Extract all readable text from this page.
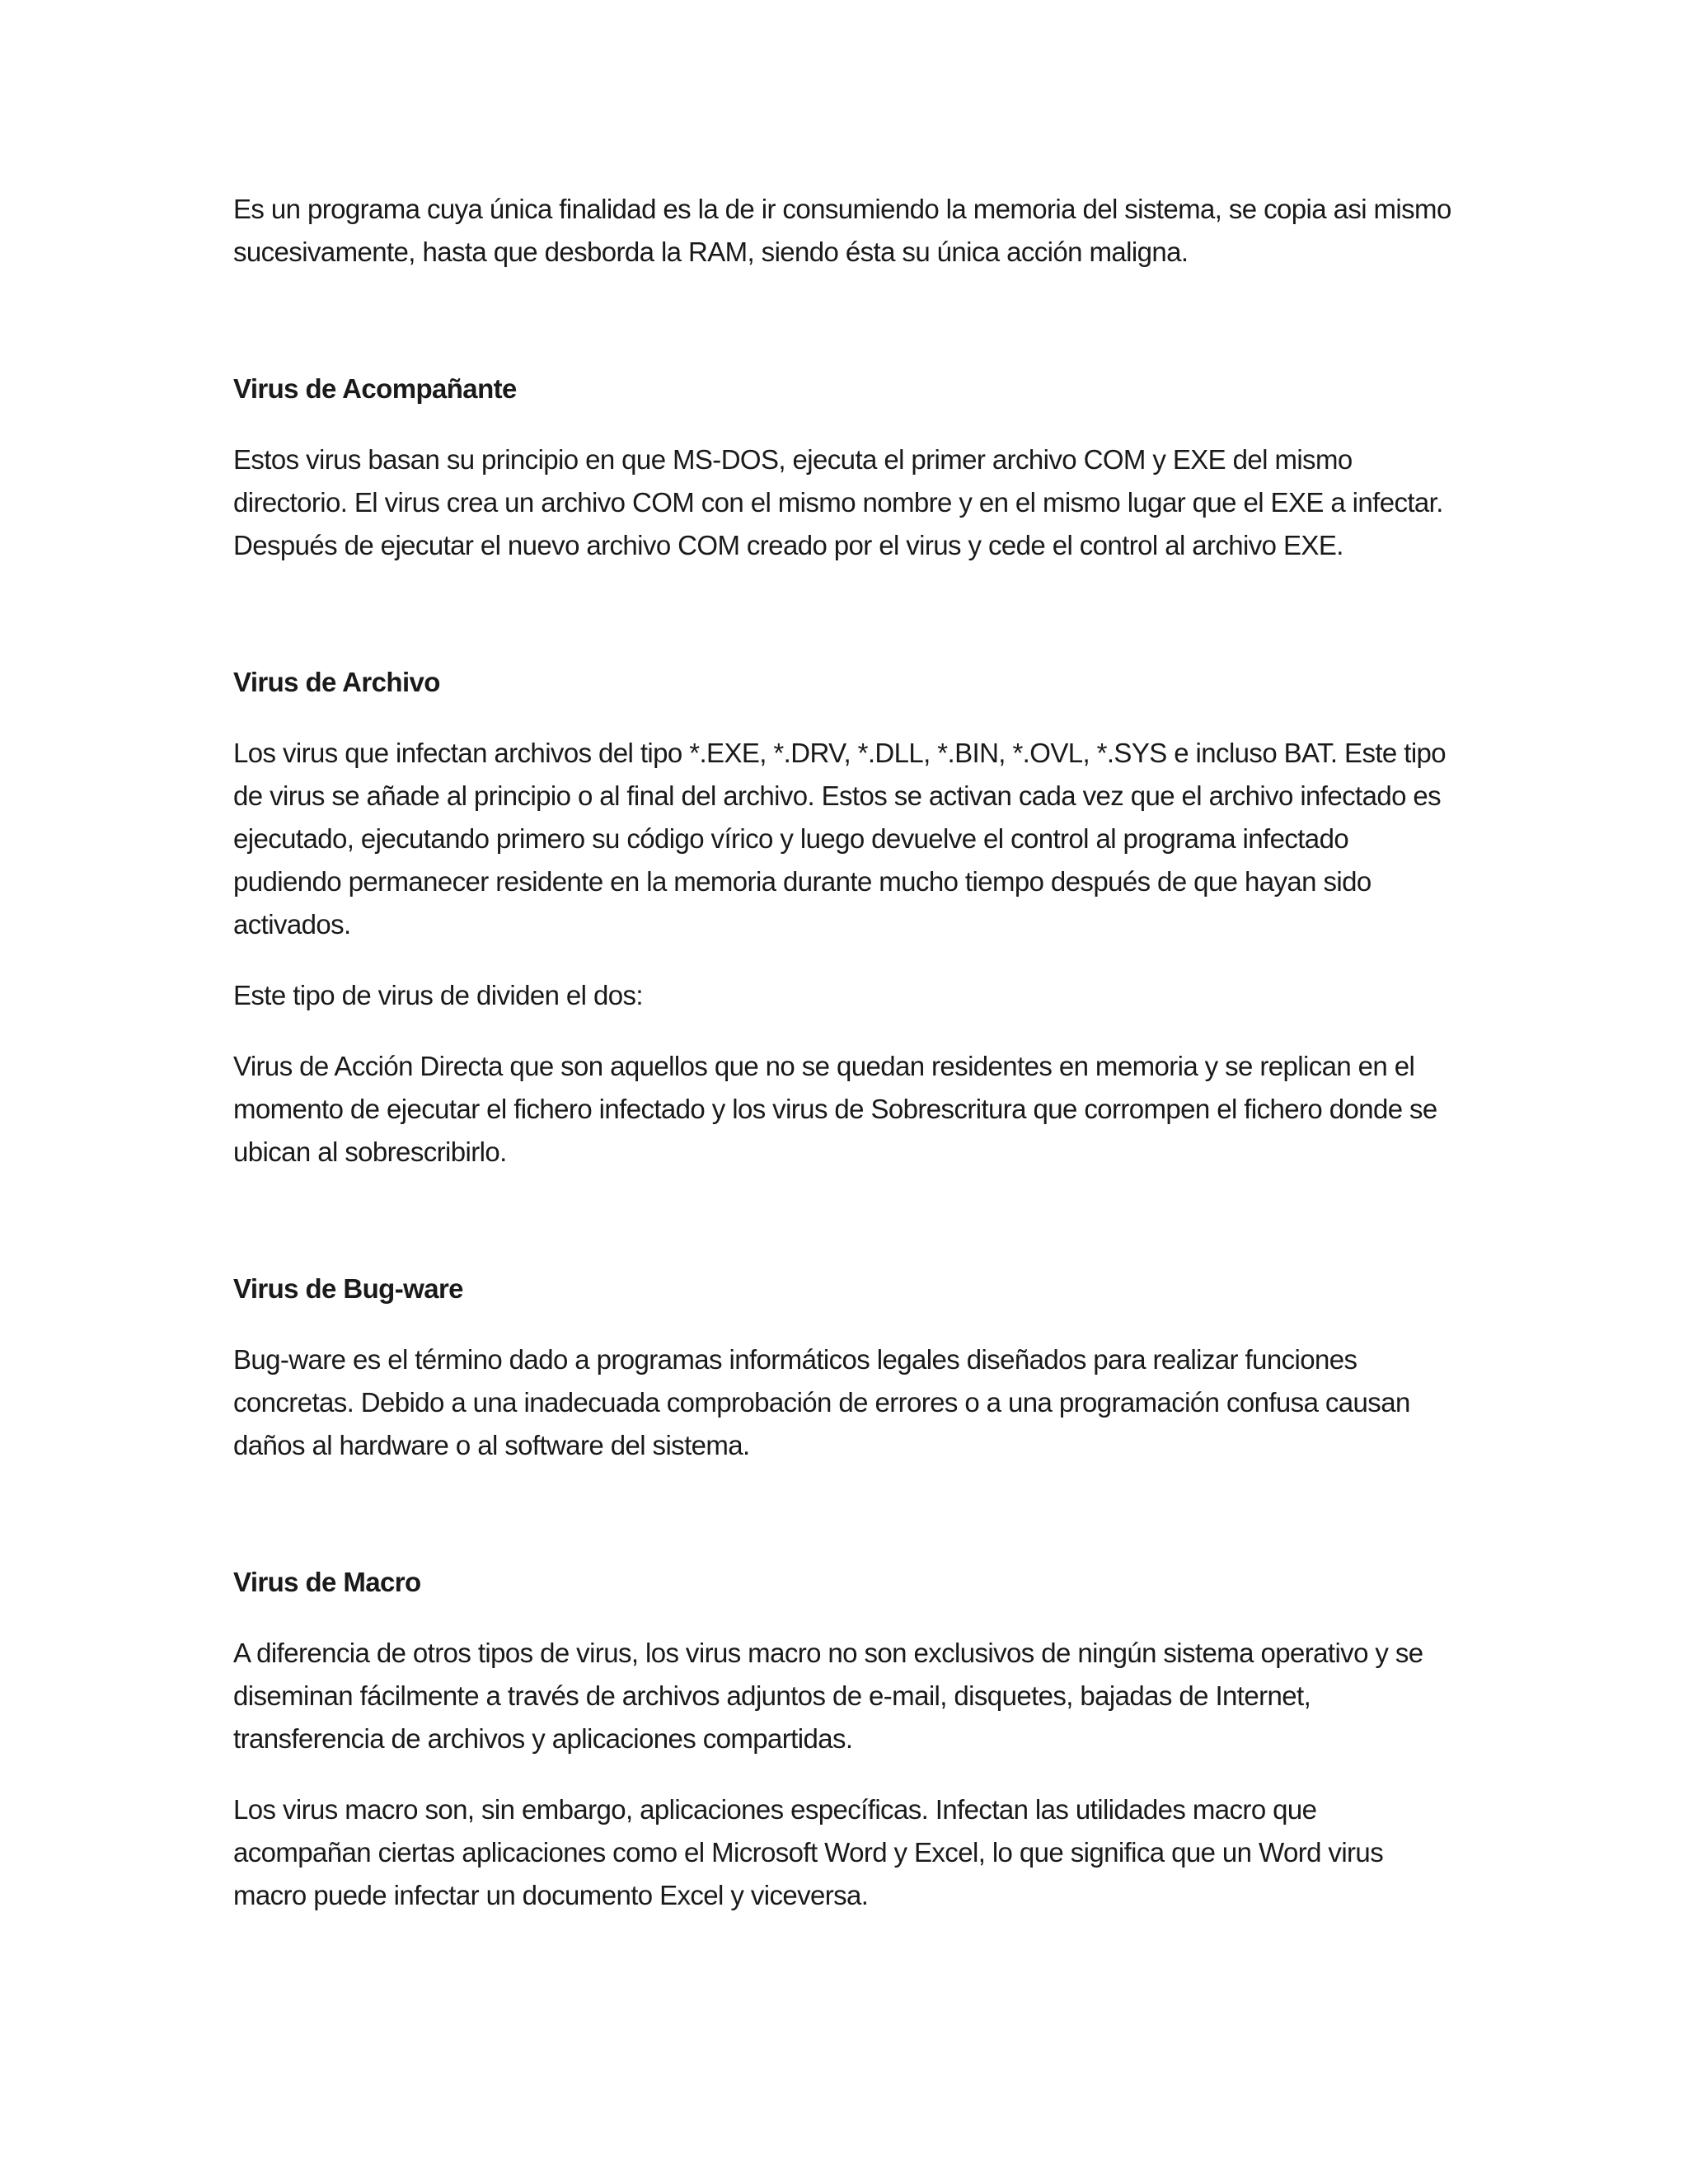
Es un programa cuya única finalidad es la de ir consumiendo la memoria del sistema, se copia asi mismo sucesivamente, hasta que desborda la RAM, siendo ésta su única acción maligna.

Virus de Acompañante

Estos virus basan su principio en que MS-DOS, ejecuta el primer archivo COM y EXE del mismo directorio. El virus crea un archivo COM con el mismo nombre y en el mismo lugar que el EXE a infectar. Después de ejecutar el nuevo archivo COM creado por el virus y cede el control al archivo EXE.

Virus de Archivo

Los virus que infectan archivos del tipo *.EXE, *.DRV, *.DLL, *.BIN, *.OVL, *.SYS e incluso BAT. Este tipo de virus se añade al principio o al final del archivo. Estos se activan cada vez que el archivo infectado es ejecutado, ejecutando primero su código vírico y luego devuelve el control al programa infectado pudiendo permanecer residente en la memoria durante mucho tiempo después de que hayan sido activados.

Este tipo de virus de dividen el dos:

Virus de Acción Directa que son aquellos que no se quedan residentes en memoria y se replican en el momento de ejecutar el fichero infectado y los virus de Sobrescritura que corrompen el fichero donde se ubican al sobrescribirlo.

Virus de Bug-ware

Bug-ware es el término dado a programas informáticos legales diseñados para realizar funciones concretas. Debido a una inadecuada comprobación de errores o a una programación confusa causan daños al hardware o al software del sistema.

Virus de Macro

A diferencia de otros tipos de virus, los virus macro no son exclusivos de ningún sistema operativo y se diseminan fácilmente a través de archivos adjuntos de e-mail, disquetes, bajadas de Internet, transferencia de archivos y aplicaciones compartidas.

Los virus macro son, sin embargo, aplicaciones específicas. Infectan las utilidades macro que acompañan ciertas aplicaciones como el Microsoft Word y Excel, lo que significa que un Word virus macro puede infectar un documento Excel y viceversa.
